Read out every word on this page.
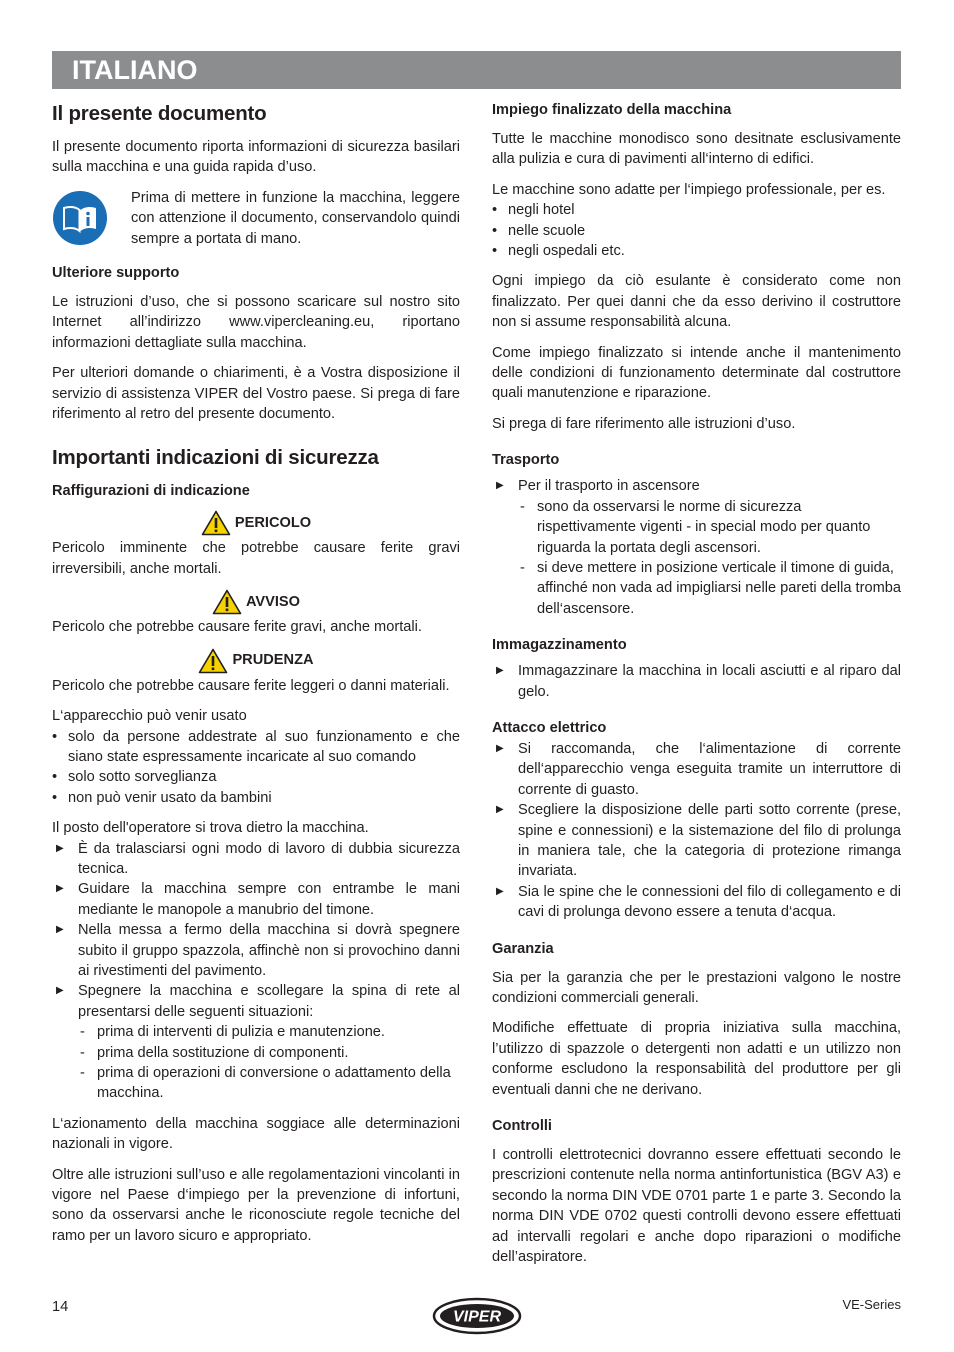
ITALIANO
Il presente documento

Il presente documento riporta informazioni di sicurezza basilari sulla macchina e una guida rapida d’uso.

Prima di mettere in funzione la macchina, leggere con attenzione il documento, conservandolo quindi sempre a portata di mano.

Ulteriore supporto

Le istruzioni d’uso, che si possono scaricare sul nostro sito Internet all’indirizzo www.vipercleaning.eu, riportano informazioni dettagliate sulla macchina.

Per ulteriori domande o chiarimenti, è a Vostra disposizione il servizio di assistenza VIPER del Vostro paese. Si prega di fare riferimento al retro del presente documento.

Importanti indicazioni di sicurezza
Raffigurazioni di indicazione
PERICOLO

Pericolo imminente che potrebbe causare ferite gravi irreversibili, anche mortali.

AVVISO

Pericolo che potrebbe causare ferite gravi, anche mortali.

PRUDENZA

Pericolo che potrebbe causare ferite leggeri o danni materiali.

L‘apparecchio può venir usato

• solo da persone addestrate al suo funzionamento e che siano state espressamente incaricate al suo comando
• solo sotto sorveglianza
• non può venir usato da bambini

Il posto dell'operatore si trova dietro la macchina.

▶ È da tralasciarsi ogni modo di lavoro di dubbia sicurezza tecnica.
▶ Guidare la macchina sempre con entrambe le mani mediante le manopole a manubrio del timone.
▶ Nella messa a fermo della macchina si dovrà spegnere subito il gruppo spazzola, affinchè non si provochino danni ai rivestimenti del pavimento.
▶ Spegnere la macchina e scollegare la spina di rete al presentarsi delle seguenti situazioni:
- prima di interventi di pulizia e manutenzione.
- prima della sostituzione di componenti.
- prima di operazioni di conversione o adattamento della macchina.

L‘azionamento della macchina soggiace alle determinazioni nazionali in vigore.

Oltre alle istruzioni sull’uso e alle regolamentazioni vincolanti in vigore nel Paese d‘impiego per la prevenzione di infortuni, sono da osservarsi anche le riconosciute regole tecniche del ramo per un lavoro sicuro e appropriato.

Impiego finalizzato della macchina

Tutte le macchine monodisco sono desitnate esclusivamente alla pulizia e cura di pavimenti all‘interno di edifici.

Le macchine sono adatte per l‘impiego professionale, per es.

• negli hotel
• nelle scuole
• negli ospedali etc.

Ogni impiego da ciò esulante è considerato come non finalizzato. Per quei danni che da esso derivino il costruttore non si assume responsabilità alcuna.

Come impiego finalizzato si intende anche il mantenimento delle condizioni di funzionamento determinate dal costruttore quali manutenzione e riparazione.

Si prega di fare riferimento alle istruzioni d’uso.

Trasporto
▶ Per il trasporto in ascensore
- sono da osservarsi le norme di sicurezza rispettivamente vigenti - in special modo per quanto riguarda la portata degli ascensori.
- si deve mettere in posizione verticale il timone di guida, affinché non vada ad impigliarsi nelle pareti della tromba dell‘ascensore.
Immagazzinamento
▶ Immagazzinare la macchina in locali asciutti e al riparo dal gelo.
Attacco elettrico
▶ Si raccomanda, che l‘alimentazione di corrente dell‘apparecchio venga eseguita tramite un interruttore di corrente di guasto.
▶ Scegliere la disposizione delle parti sotto corrente (prese, spine e connessioni) e la sistemazione del filo di prolunga in maniera tale, che la categoria di protezione rimanga invariata.
▶ Sia le spine che le connessioni del filo di collegamento e di cavi di prolunga devono essere a tenuta d‘acqua.
Garanzia

Sia per la garanzia che per le prestazioni valgono le nostre condizioni commerciali generali.

Modifiche effettuate di propria iniziativa sulla macchina, l’utilizzo di spazzole o detergenti non adatti e un utilizzo non conforme escludono la responsabilità del produttore per gli eventuali danni che ne derivano.

Controlli

I controlli elettrotecnici dovranno essere effettuati secondo le prescrizioni contenute nella norma antinfortunistica (BGV A3) e secondo la norma DIN VDE 0701 parte 1 e parte 3. Secondo la norma DIN VDE 0702 questi controlli devono essere effettuati ad intervalli regolari e anche dopo riparazioni o modifiche dell’aspiratore.

14
VIPER
VE-Series
